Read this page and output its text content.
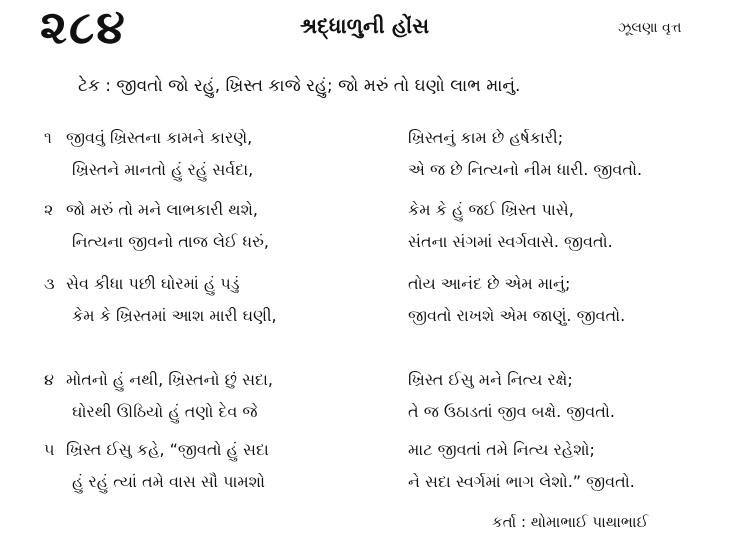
૨૮૪	શ્રદ્ધાળુની હોંસ	ઝૂલણા વૃત્ત
ટેક : જીવતો જો રહું, ખ્રિસ્ત કાજે રહું; જો મરું તો ઘણો લાભ માનું.
૧ જીવવું ખ્રિસ્તના કામને કારણે,	ખ્રિસ્તનું કામ છે હર્ષકારી;
ખ્રિસ્તને માનતો હું રહું સર્વદા,	એ જ છે નિત્યનો નીમ ધારી. જીવતો.
૨ જો મરું તો મને લાભકારી થશે,	કેમ કે હું જઈ ખ્રિસ્ત પાસે,
નિત્યના જીવનો તાજ લેઈ ધરું,	સંતના સંગમાં સ્વર્ગવાસે. જીવતો.
૩ સેવ કીધા પછી ઘોરમાં હું પડું	તોય આનંદ છે એમ માનું;
કેમ કે ખ્રિસ્તમાં આશ મારી ઘણી,	જીવતો રાખશે એમ જાણું. જીવતો.
૪ મોતનો હું નથી, ખ્રિસ્તનો છું સદા,	ખ્રિસ્ત ઈસુ મને નિત્ય રક્ષે;
ઘોરથી ઊઠિયો હું તણો દેવ જે	તે જ ઉઠાડતાં જીવ બક્ષે. જીવતો.
૫ ખ્રિસ્ત ઈસુ કહે, “જીવતો હું સદા	માટ જીવતાં તમે નિત્ય રહેશો;
હું રહું ત્યાં તમે વાસ સૌ પામશો	ને સદા સ્વર્ગમાં ભાગ લેશો.” જીવતો.
કર્તા : થોમાભાઈ પાથાભાઈ
